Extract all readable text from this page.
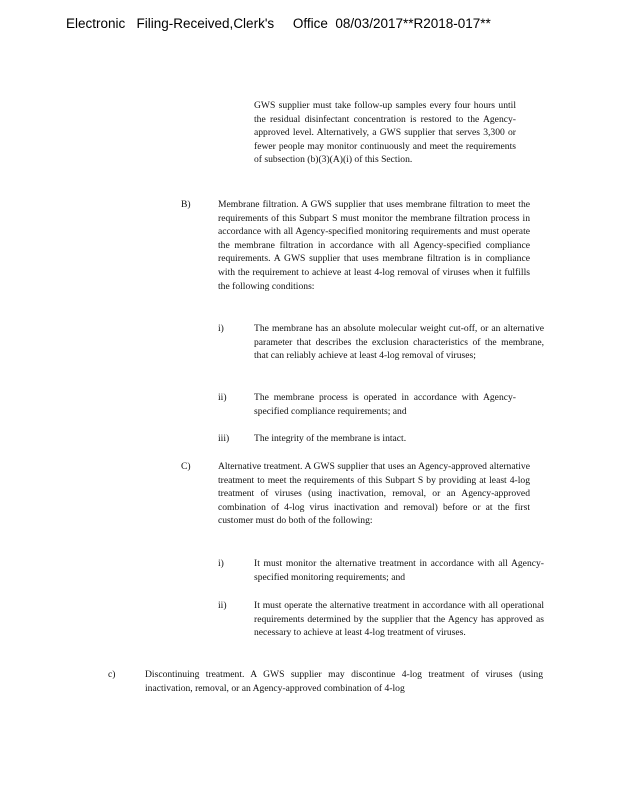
Electronic   Filing-Received,Clerk's     Office  08/03/2017**R2018-017**
GWS supplier must take follow-up samples every four hours until the residual disinfectant concentration is restored to the Agency-approved level. Alternatively, a GWS supplier that serves 3,300 or fewer people may monitor continuously and meet the requirements of subsection (b)(3)(A)(i) of this Section.
B)	Membrane filtration. A GWS supplier that uses membrane filtration to meet the requirements of this Subpart S must monitor the membrane filtration process in accordance with all Agency-specified monitoring requirements and must operate the membrane filtration in accordance with all Agency-specified compliance requirements. A GWS supplier that uses membrane filtration is in compliance with the requirement to achieve at least 4-log removal of viruses when it fulfills the following conditions:
i)	The membrane has an absolute molecular weight cut-off, or an alternative parameter that describes the exclusion characteristics of the membrane, that can reliably achieve at least 4-log removal of viruses;
ii)	The membrane process is operated in accordance with Agency-specified compliance requirements; and
iii)	The integrity of the membrane is intact.
C)	Alternative treatment. A GWS supplier that uses an Agency-approved alternative treatment to meet the requirements of this Subpart S by providing at least 4-log treatment of viruses (using inactivation, removal, or an Agency-approved combination of 4-log virus inactivation and removal) before or at the first customer must do both of the following:
i)	It must monitor the alternative treatment in accordance with all Agency-specified monitoring requirements; and
ii)	It must operate the alternative treatment in accordance with all operational requirements determined by the supplier that the Agency has approved as necessary to achieve at least 4-log treatment of viruses.
c)	Discontinuing treatment. A GWS supplier may discontinue 4-log treatment of viruses (using inactivation, removal, or an Agency-approved combination of 4-log
